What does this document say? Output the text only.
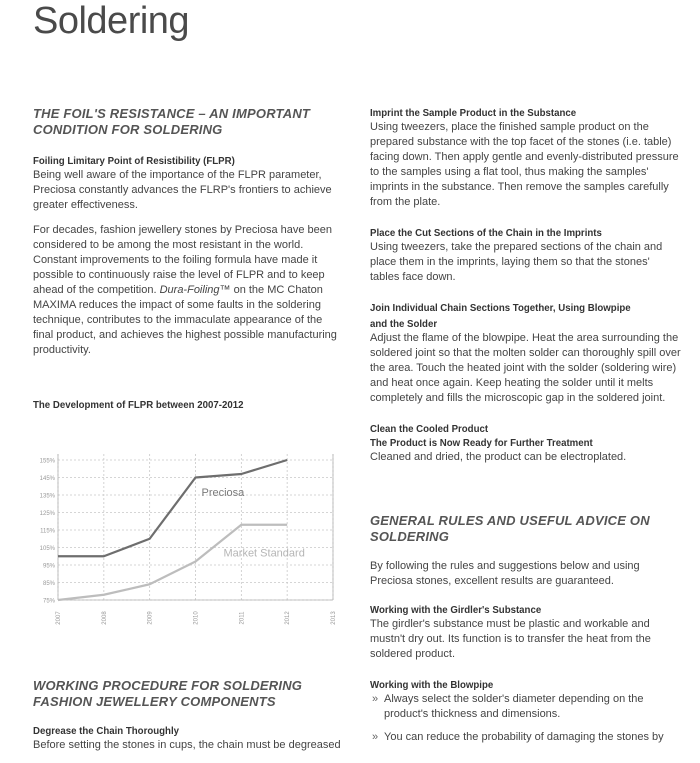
Soldering
THE FOIL'S RESISTANCE – AN IMPORTANT CONDITION FOR SOLDERING
Foiling Limitary Point of Resistibility (FLPR)

Being well aware of the importance of the FLPR parameter, Preciosa constantly advances the FLRP's frontiers to achieve greater effectiveness.

For decades, fashion jewellery stones by Preciosa have been considered to be among the most resistant in the world. Constant improvements to the foiling formula have made it possible to continuously raise the level of FLPR and to keep ahead of the competition. Dura-Foiling™ on the MC Chaton MAXIMA reduces the impact of some faults in the soldering technique, contributes to the immaculate appearance of the final product, and achieves the highest possible manufacturing productivity.

The Development of FLPR between 2007-2012
155%
145%
135%
125%
115%
105%
95%
85%
75%
2007	2008	2009	2010	2011	2012	2013
Preciosa
Market Standard
WORKING PROCEDURE FOR SOLDERING FASHION JEWELLERY COMPONENTS
Degrease the Chain Thoroughly

Before setting the stones in cups, the chain must be degreased

Imprint the Sample Product in the Substance

Using tweezers, place the finished sample product on the prepared substance with the top facet of the stones (i.e. table) facing down. Then apply gentle and evenly-distributed pressure to the samples using a flat tool, thus making the samples' imprints in the substance. Then remove the samples carefully from the plate.

Place the Cut Sections of the Chain in the Imprints

Using tweezers, take the prepared sections of the chain and place them in the imprints, laying them so that the stones' tables face down.

Join Individual Chain Sections Together, Using Blowpipe
and the Solder

Adjust the flame of the blowpipe. Heat the area surrounding the soldered joint so that the molten solder can thoroughly spill over the area. Touch the heated joint with the solder (soldering wire) and heat once again. Keep heating the solder until it melts completely and fills the microscopic gap in the soldered joint.

Clean the Cooled Product
The Product is Now Ready for Further Treatment

Cleaned and dried, the product can be electroplated.

GENERAL RULES AND USEFUL ADVICE ON SOLDERING

By following the rules and suggestions below and using Preciosa stones, excellent results are guaranteed.

Working with the Girdler's Substance

The girdler's substance must be plastic and workable and mustn't dry out. Its function is to transfer the heat from the soldered product.

Working with the Blowpipe
» Always select the solder's diameter depending on the product's thickness and dimensions.
» You can reduce the probability of damaging the stones by
